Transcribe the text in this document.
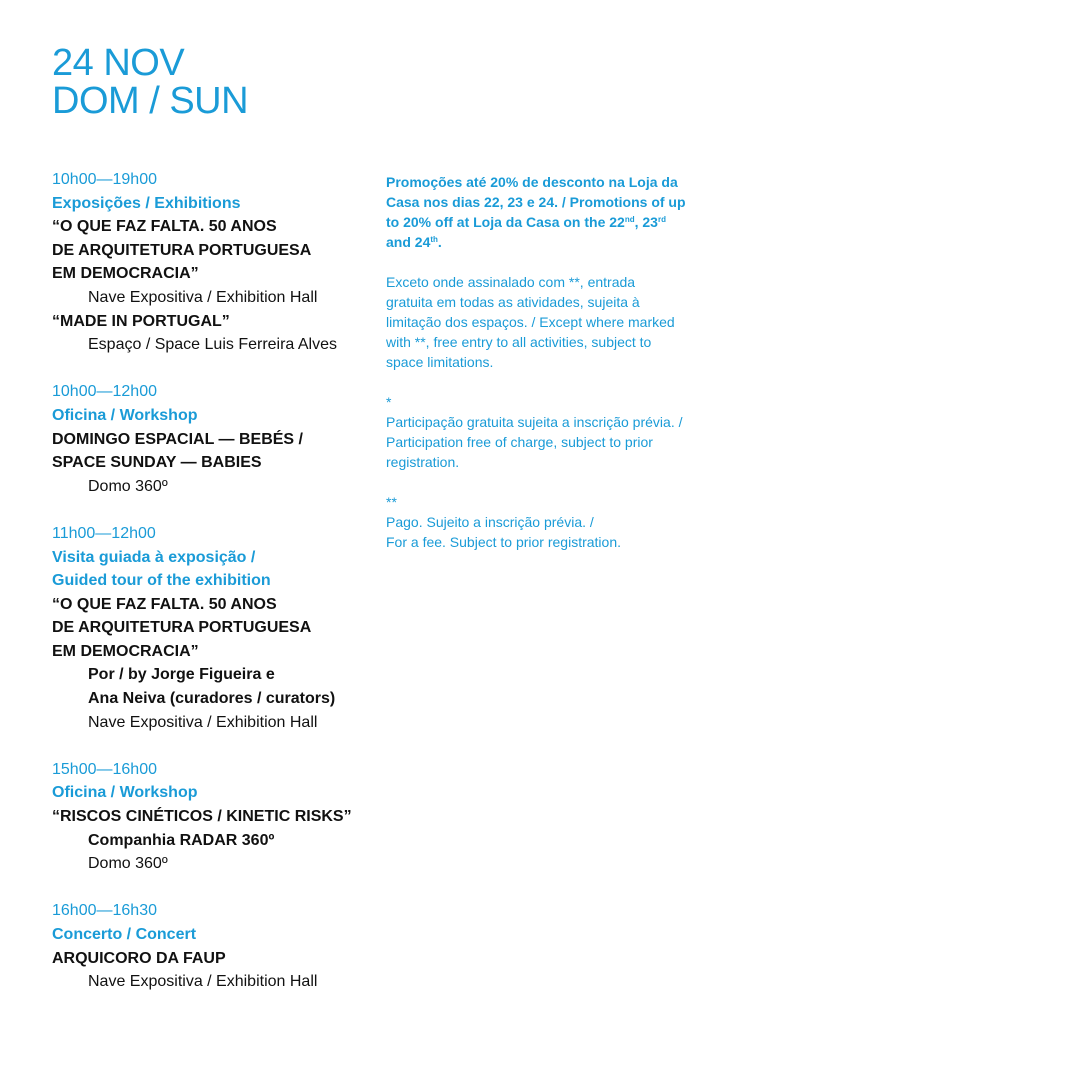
24 NOV
DOM / SUN
10h00—19h00
Exposições / Exhibitions
“O QUE FAZ FALTA. 50 ANOS
DE ARQUITETURA PORTUGUESA
EM DEMOCRACIA”
Nave Expositiva / Exhibition Hall
“MADE IN PORTUGAL”
Espaço / Space Luis Ferreira Alves
10h00—12h00
Oficina / Workshop
DOMINGO ESPACIAL — BEBÉS /
SPACE SUNDAY — BABIES
Domo 360º
11h00—12h00
Visita guiada à exposição /
Guided tour of the exhibition
“O QUE FAZ FALTA. 50 ANOS
DE ARQUITETURA PORTUGUESA
EM DEMOCRACIA”
Por / by Jorge Figueira e
Ana Neiva (curadores / curators)
Nave Expositiva / Exhibition Hall
15h00—16h00
Oficina / Workshop
“RISCOS CINÉTICOS / KINETIC RISKS”
Companhia RADAR 360º
Domo 360º
16h00—16h30
Concerto / Concert
ARQUICORO DA FAUP
Nave Expositiva / Exhibition Hall

Promoções até 20% de desconto na Loja da
Casa nos dias 22, 23 e 24. / Promotions of up
to 20% off at Loja da Casa on the 22nd, 23rd
and 24th.

Exceto onde assinalado com **, entrada
gratuita em todas as atividades, sujeita à
limitação dos espaços. / Except where marked
with **, free entry to all activities, subject to
space limitations.

*
Participação gratuita sujeita a inscrição prévia. /
Participation free of charge, subject to prior
registration.

**
Pago. Sujeito a inscrição prévia. /
For a fee. Subject to prior registration.
